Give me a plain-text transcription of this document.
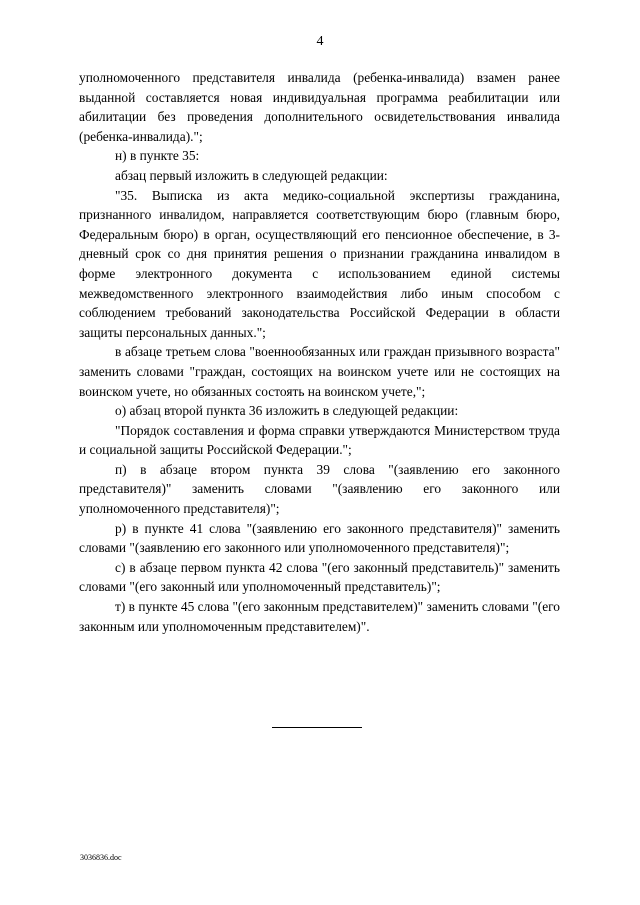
4

уполномоченного представителя инвалида (ребенка-инвалида) взамен ранее выданной составляется новая индивидуальная программа реабилитации или абилитации без проведения дополнительного освидетельствования инвалида (ребенка-инвалида).";

н) в пункте 35:

абзац первый изложить в следующей редакции:

"35. Выписка из акта медико-социальной экспертизы гражданина, признанного инвалидом, направляется соответствующим бюро (главным бюро, Федеральным бюро) в орган, осуществляющий его пенсионное обеспечение, в 3-дневный срок со дня принятия решения о признании гражданина инвалидом в форме электронного документа с использованием единой системы межведомственного электронного взаимодействия либо иным способом с соблюдением требований законодательства Российской Федерации в области защиты персональных данных.";

в абзаце третьем слова "военнообязанных или граждан призывного возраста" заменить словами "граждан, состоящих на воинском учете или не состоящих на воинском учете, но обязанных состоять на воинском учете,";

о) абзац второй пункта 36 изложить в следующей редакции:

"Порядок составления и форма справки утверждаются Министерством труда и социальной защиты Российской Федерации.";

п) в абзаце втором пункта 39 слова "(заявлению его законного представителя)" заменить словами "(заявлению его законного или уполномоченного представителя)";

р) в пункте 41 слова "(заявлению его законного представителя)" заменить словами "(заявлению его законного или уполномоченного представителя)";

с) в абзаце первом пункта 42 слова "(его законный представитель)" заменить словами "(его законный или уполномоченный представитель)";

т) в пункте 45 слова "(его законным представителем)" заменить словами "(его законным или уполномоченным представителем)".

3036836.doc
